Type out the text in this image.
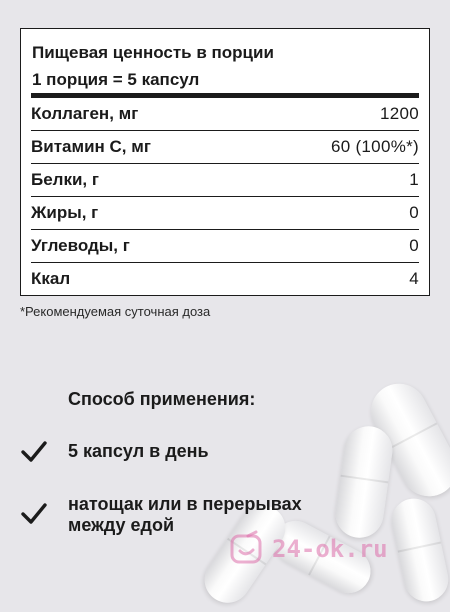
Пищевая ценность в порции
1 порция = 5 капсул
Коллаген, мг	1200
Витамин С, мг	60 (100%*)
Белки, г	1
Жиры, г	0
Углеводы, г	0
Ккал	4
*Рекомендуемая суточная доза
Способ применения:
5 капсул в день
натощак или в перерывах
между едой
24-ok.ru
